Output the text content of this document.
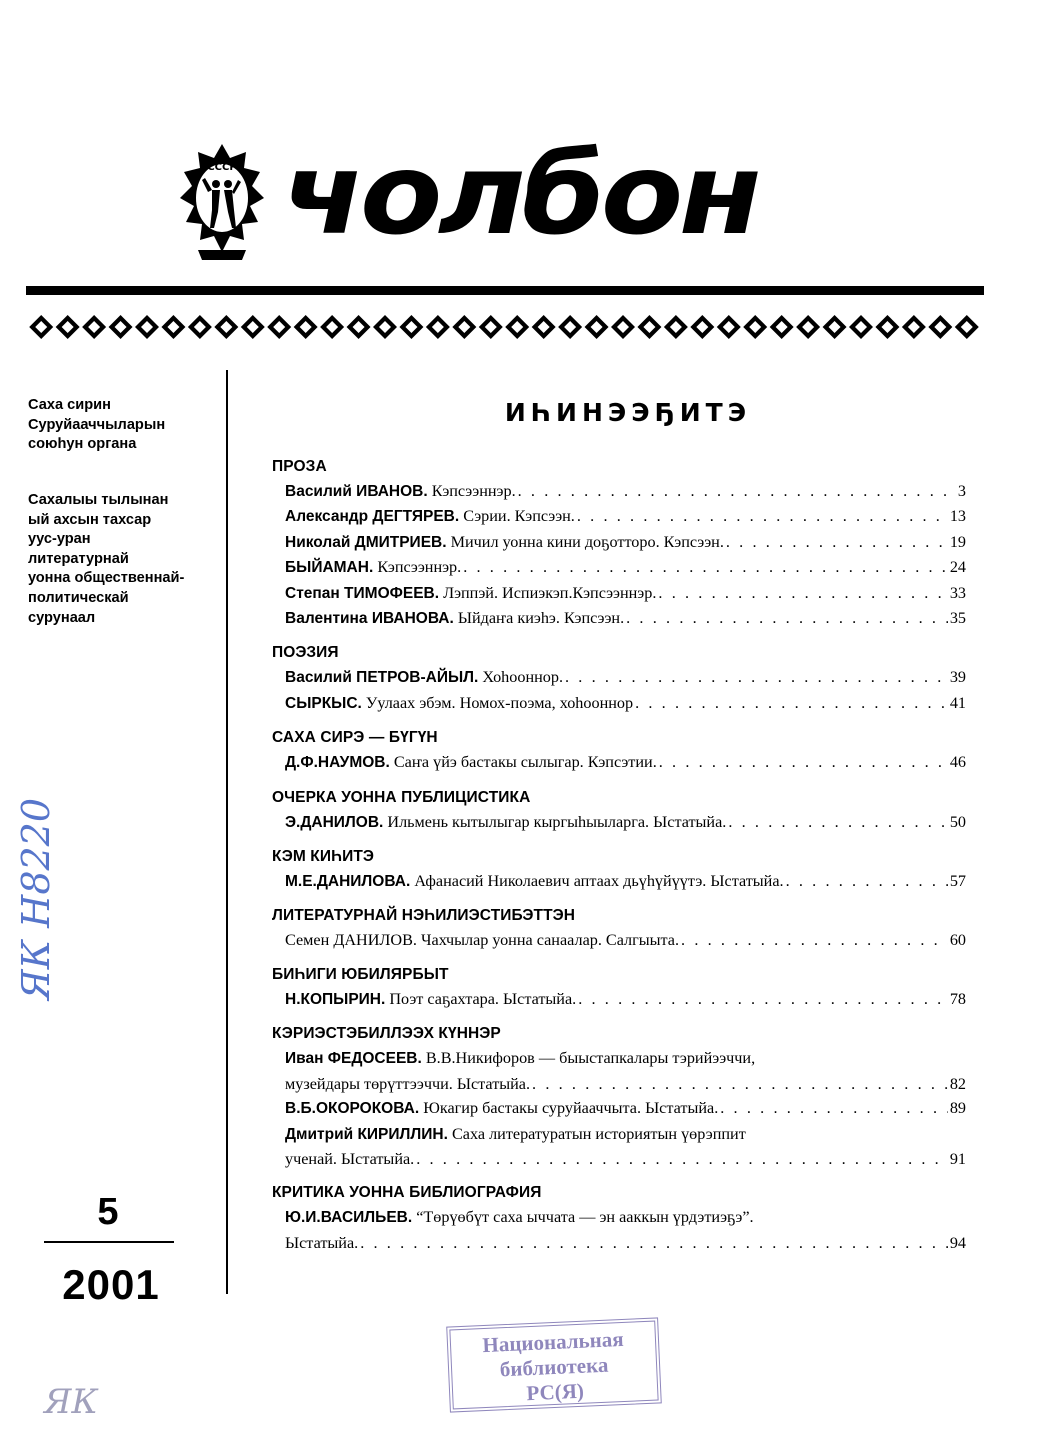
СССР чолбон
Саха сирин
Суруйааччыларын
союһун органа
Сахалыы тылынан
ый ахсын тахсар
уус-уран
литературнай
уонна общественнай-
политическай
сурунаал
5
2001
ИҺИНЭЭҔИТЭ
ПРОЗА
Василий ИВАНОВ. Кэпсээннэр. . . .	3
Александр ДЕГТЯРЕВ. Сэрии. Кэпсээн. . . .	13
Николай ДМИТРИЕВ. Мичил уонна кини доҕотторо. Кэпсээн. . . .	19
БЫЙАМАН. Кэпсээннэр. . . .	24
Степан ТИМОФЕЕВ. Лэппэй. Испиэкэп.Кэпсээннэр. . . .	33
Валентина ИВАНОВА. Ыйдаҥа киэһэ. Кэпсээн. . . .	35
ПОЭЗИЯ
Василий ПЕТРОВ-АЙЫЛ. Хоһооннор. . . .	39
СЫРКЫС. Уулаах эбэм. Номох-поэма, хоһооннор . . .	41
САХА СИРЭ — БҮГҮН
Д.Ф.НАУМОВ. Саҥа үйэ бастакы сылыгар. Кэпсэтии. . . .	46
ОЧЕРКА УОННА ПУБЛИЦИСТИКА
Э.ДАНИЛОВ. Ильмень кытылыгар кыргыһыыларга. Ыстатыйа. . . .	50
КЭМ КИҺИТЭ
М.Е.ДАНИЛОВА. Афанасий Николаевич аптаах дьүһүйүүтэ. Ыстатыйа. . . .	57
ЛИТЕРАТУРНАЙ НЭҺИЛИЭСТИБЭТТЭН
Семен ДАНИЛОВ. Чахчылар уонна санаалар. Салгыыта. . . .	60
БИҺИГИ ЮБИЛЯРБЫТ
Н.КОПЫРИН. Поэт саҕахтара. Ыстатыйа. . . .	78
КЭРИЭСТЭБИЛЛЭЭХ КҮННЭР
Иван ФЕДОСЕЕВ. В.В.Никифоров — быыстапкалары тэрийээччи,
музейдары төрүттээччи. Ыстатыйа. . . .	82
В.Б.ОКОРОКОВА. Юкагир бастакы суруйааччыта. Ыстатыйа. . . .	89
Дмитрий КИРИЛЛИН. Саха литературатын историятын үөрэппит
ученай. Ыстатыйа. . . .	91
КРИТИКА УОННА БИБЛИОГРАФИЯ
Ю.И.ВАСИЛЬЕВ. “Төрүөбүт саха ыччата — эн ааккын үрдэтиэҕэ”.
Ыстатыйа. . . .	94
Национальная
библиотека
РС(Я)
ЯК Н8220
ЯК
